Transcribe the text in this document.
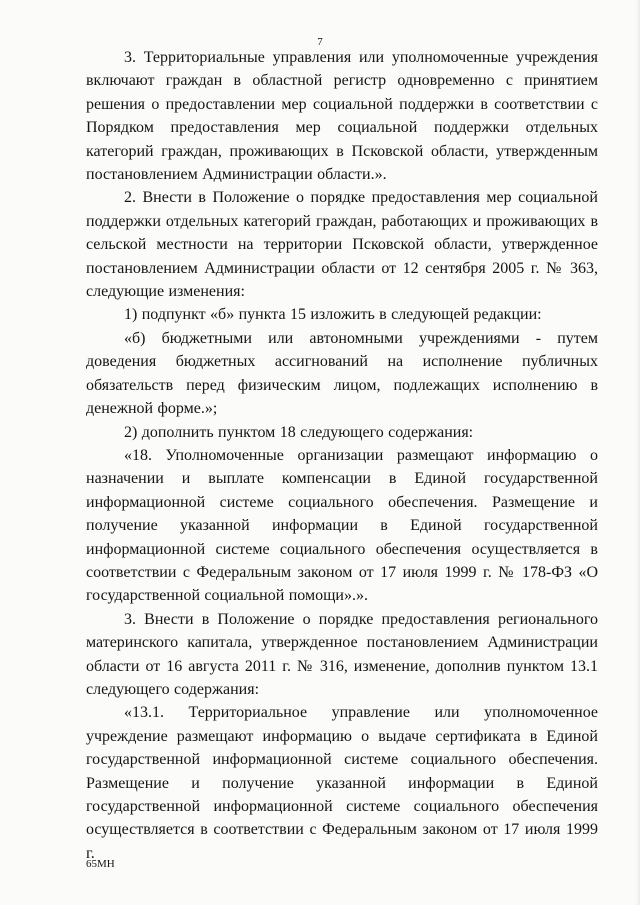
7

3. Территориальные управления или уполномоченные учреждения включают граждан в областной регистр одновременно с принятием решения о предоставлении мер социальной поддержки в соответствии с Порядком предоставления мер социальной поддержки отдельных категорий граждан, проживающих в Псковской области, утвержденным постановлением Администрации области.».

2. Внести в Положение о порядке предоставления мер социальной поддержки отдельных категорий граждан, работающих и проживающих в сельской местности на территории Псковской области, утвержденное постановлением Администрации области от 12 сентября 2005 г. № 363, следующие изменения:

1) подпункт «б» пункта 15 изложить в следующей редакции:

«б) бюджетными или автономными учреждениями - путем доведения бюджетных ассигнований на исполнение публичных обязательств перед физическим лицом, подлежащих исполнению в денежной форме.»;

2) дополнить пунктом 18 следующего содержания:

«18. Уполномоченные организации размещают информацию о назначении и выплате компенсации в Единой государственной информационной системе социального обеспечения. Размещение и получение указанной информации в Единой государственной информационной системе социального обеспечения осуществляется в соответствии с Федеральным законом от 17 июля 1999 г. № 178-ФЗ «О государственной социальной помощи».».

3. Внести в Положение о порядке предоставления регионального материнского капитала, утвержденное постановлением Администрации области от 16 августа 2011 г. № 316, изменение, дополнив пунктом 13.1 следующего содержания:

«13.1. Территориальное управление или уполномоченное учреждение размещают информацию о выдаче сертификата в Единой государственной информационной системе социального обеспечения. Размещение и получение указанной информации в Единой государственной информационной системе социального обеспечения осуществляется в соответствии с Федеральным законом от 17 июля 1999 г.

65МН
